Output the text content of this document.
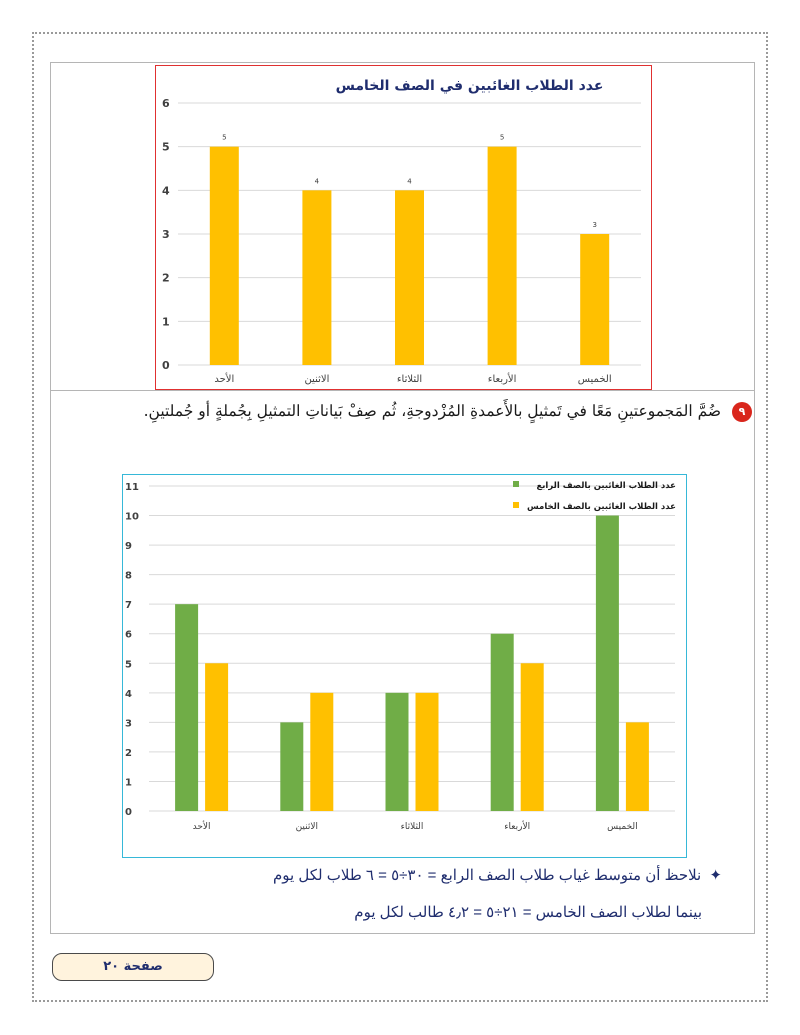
عدد الطلاب الغائبين في الصف الخامس
0
1
2
3
4
5
6
5
الأحد
4
الاثنين
4
الثلاثاء
5
الأربعاء
3
الخميس
٩ ضُمَّ المَجموعتينِ مَعًا في تَمثيلٍ بالأَعمدةِ المُزْدوجةِ، ثُم صِفْ بَياناتِ التمثيلِ بِجُملةٍ أو جُملتينِ.
0
1
2
3
4
5
6
7
8
9
10
11
الأحد	الاثنين	الثلاثاء	الأربعاء	الخميس
عدد الطلاب الغائبين بالصف الرابع
عدد الطلاب الغائبين بالصف الخامس
✦ نلاحظ أن متوسط غياب طلاب الصف الرابع = ٣٠÷٥ = ٦ طلاب لكل يوم
بينما لطلاب الصف الخامس = ٢١÷٥ = ٤٫٢ طالب لكل يوم
صفحة ٢٠
